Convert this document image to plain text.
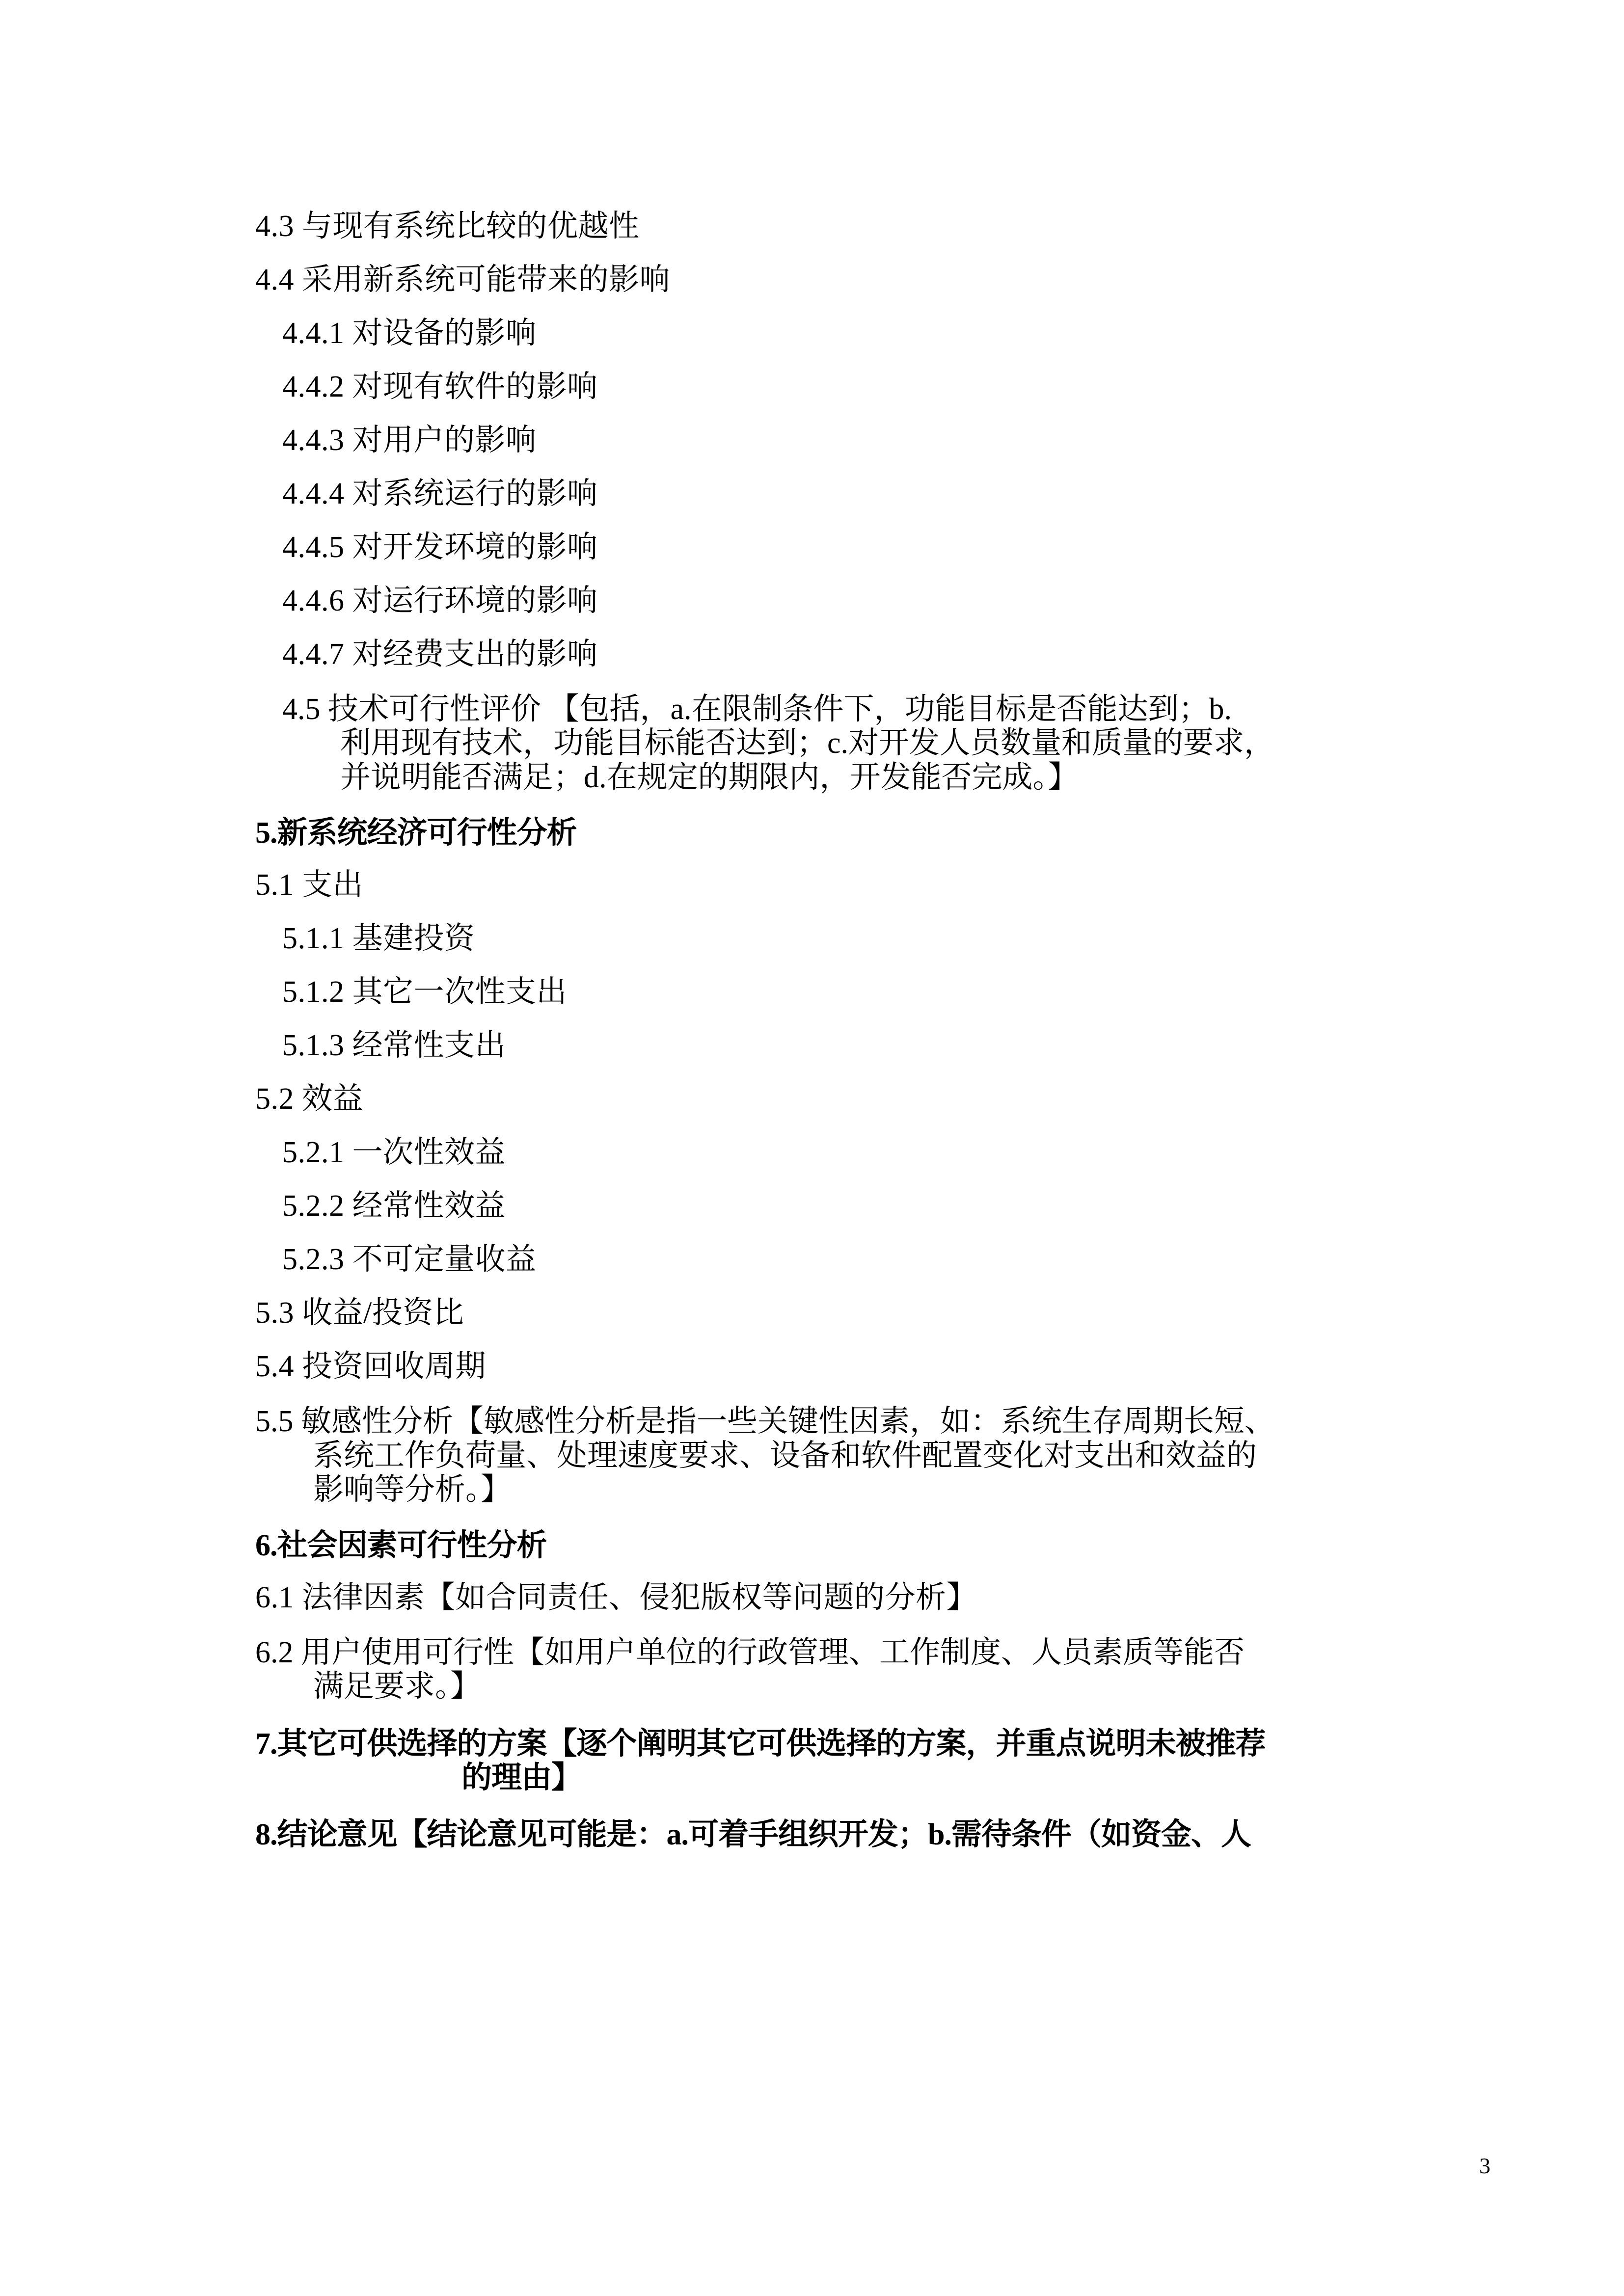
4.3 与现有系统比较的优越性
4.4 采用新系统可能带来的影响
4.4.1 对设备的影响
4.4.2 对现有软件的影响
4.4.3 对用户的影响
4.4.4 对系统运行的影响
4.4.5 对开发环境的影响
4.4.6 对运行环境的影响
4.4.7 对经费支出的影响
4.5 技术可行性评价 【包括，a.在限制条件下，功能目标是否能达到；b.
利用现有技术，功能目标能否达到；c.对开发人员数量和质量的要求，
并说明能否满足；d.在规定的期限内，开发能否完成。】
5.新系统经济可行性分析
5.1 支出
5.1.1 基建投资
5.1.2 其它一次性支出
5.1.3 经常性支出
5.2 效益
5.2.1 一次性效益
5.2.2 经常性效益
5.2.3 不可定量收益
5.3 收益/投资比
5.4 投资回收周期
5.5 敏感性分析【敏感性分析是指一些关键性因素，如：系统生存周期长短、
系统工作负荷量、处理速度要求、设备和软件配置变化对支出和效益的
影响等分析。】
6.社会因素可行性分析
6.1 法律因素【如合同责任、侵犯版权等问题的分析】
6.2 用户使用可行性【如用户单位的行政管理、工作制度、人员素质等能否
满足要求。】
7.其它可供选择的方案【逐个阐明其它可供选择的方案，并重点说明未被推荐
的理由】
8.结论意见【结论意见可能是：a.可着手组织开发；b.需待条件（如资金、人
3
